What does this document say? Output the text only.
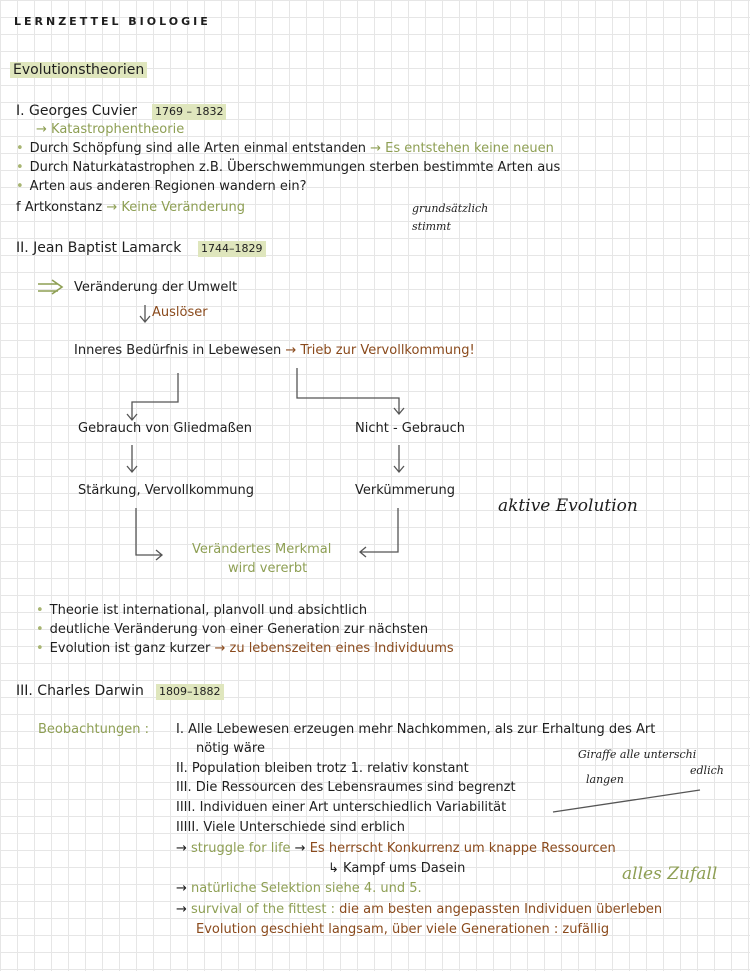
LERNZETTEL BIOLOGIE
Evolutionstheorien
I. Georges Cuvier 1769 – 1832
→ Katastrophentheorie
• Durch Schöpfung sind alle Arten einmal entstanden → Es entstehen keine neuen
• Durch Naturkatastrophen z.B. Überschwemmungen sterben bestimmte Arten aus
• Arten aus anderen Regionen wandern ein?
f Artkonstanz → Keine Veränderung	grundsätzlich
stimmt
II. Jean Baptist Lamarck 1744–1829
Veränderung der Umwelt
Auslöser
Inneres Bedürfnis in Lebewesen → Trieb zur Vervollkommung!
Gebrauch von Gliedmaßen	Nicht - Gebrauch
Stärkung, Vervollkommung	Verkümmerung
aktive Evolution
Verändertes Merkmal
wird vererbt
• Theorie ist international, planvoll und absichtlich
• deutliche Veränderung von einer Generation zur nächsten
• Evolution ist ganz kurzer → zu lebenszeiten eines Individuums
III. Charles Darwin 1809–1882
Beobachtungen : I. Alle Lebewesen erzeugen mehr Nachkommen, als zur Erhaltung des Art
nötig wäre
II. Population bleiben trotz 1. relativ konstant
III. Die Ressourcen des Lebensraumes sind begrenzt
IIII. Individuen einer Art unterschiedlich Variabilität
IIIII. Viele Unterschiede sind erblich
→ struggle for life → Es herrscht Konkurrenz um knappe Ressourcen
↳ Kampf ums Dasein
→ natürliche Selektion siehe 4. und 5.
→ survival of the fittest : die am besten angepassten Individuen überleben
Evolution geschieht langsam, über viele Generationen : zufällig
Giraffe alle unterschi
edlich
langen
alles Zufall
